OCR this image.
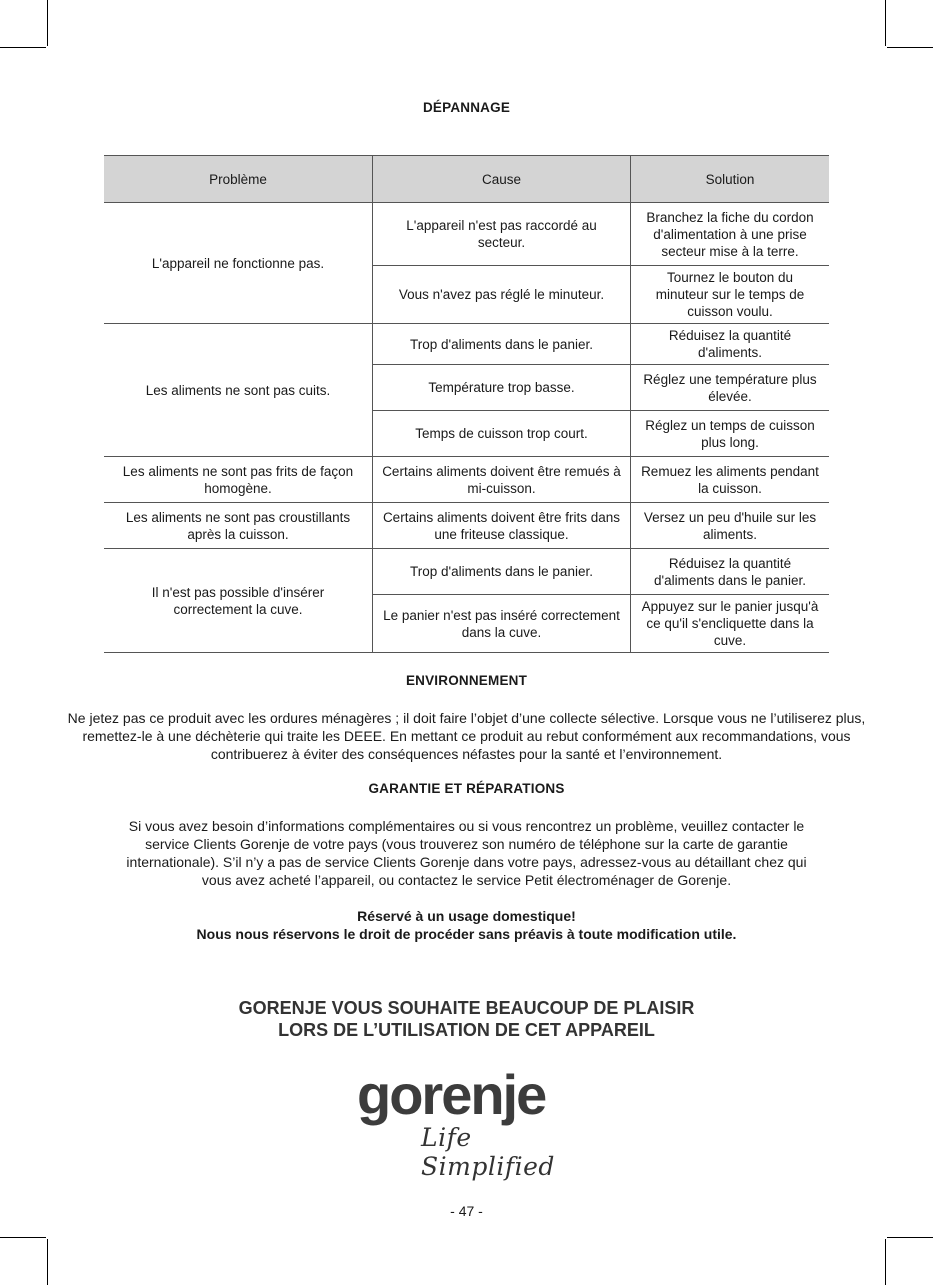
DÉPANNAGE
Problème	Cause	Solution
L'appareil ne fonctionne pas.	L'appareil n'est pas raccordé au secteur.	Branchez la fiche du cordon d'alimentation à une prise secteur mise à la terre.
	Vous n'avez pas réglé le minuteur.	Tournez le bouton du minuteur sur le temps de cuisson voulu.
Les aliments ne sont pas cuits.	Trop d'aliments dans le panier.	Réduisez la quantité d'aliments.
	Température trop basse.	Réglez une température plus élevée.
	Temps de cuisson trop court.	Réglez un temps de cuisson plus long.
Les aliments ne sont pas frits de façon homogène.	Certains aliments doivent être remués à mi-cuisson.	Remuez les aliments pendant la cuisson.
Les aliments ne sont pas croustillants après la cuisson.	Certains aliments doivent être frits dans une friteuse classique.	Versez un peu d'huile sur les aliments.
Il n'est pas possible d'insérer correctement la cuve.	Trop d'aliments dans le panier.	Réduisez la quantité d'aliments dans le panier.
	Le panier n'est pas inséré correctement dans la cuve.	Appuyez sur le panier jusqu'à ce qu'il s'encliquette dans la cuve.
ENVIRONNEMENT
Ne jetez pas ce produit avec les ordures ménagères ; il doit faire l’objet d’une collecte sélective. Lorsque vous ne l’utiliserez plus, remettez-le à une déchèterie qui traite les DEEE. En mettant ce produit au rebut conformément aux recommandations, vous contribuerez à éviter des conséquences néfastes pour la santé et l’environnement.
GARANTIE ET RÉPARATIONS
Si vous avez besoin d’informations complémentaires ou si vous rencontrez un problème, veuillez contacter le service Clients Gorenje de votre pays (vous trouverez son numéro de téléphone sur la carte de garantie internationale). S’il n’y a pas de service Clients Gorenje dans votre pays, adressez-vous au détaillant chez qui vous avez acheté l’appareil, ou contactez le service Petit électroménager de Gorenje.
Réservé à un usage domestique!
Nous nous réservons le droit de procéder sans préavis à toute modification utile.
GORENJE VOUS SOUHAITE BEAUCOUP DE PLAISIR
LORS DE L’UTILISATION DE CET APPAREIL
gorenje
Life Simplified
- 47 -
